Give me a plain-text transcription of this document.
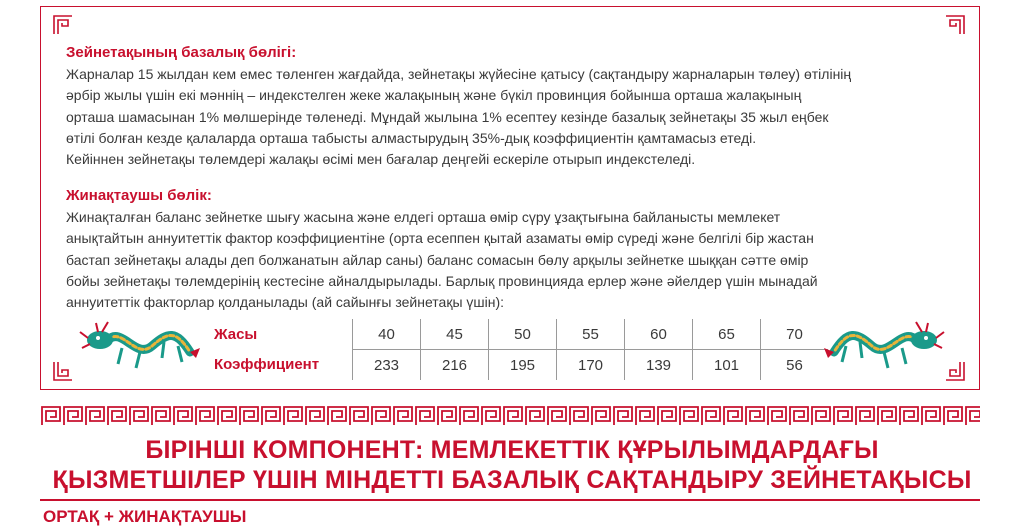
Зейнетақының базалық бөлігі:
Жарналар 15 жылдан кем емес төленген жағдайда, зейнетақы жүйесіне қатысу (сақтандыру жарналарын төлеу) өтілінің
әрбір жылы үшін екі мәннің – индекстелген жеке жалақының және бүкіл провинция бойынша орташа жалақының
орташа шамасынан 1% мөлшерінде төленеді. Мұндай жылына 1% есептеу кезінде базалық зейнетақы 35 жыл еңбек
өтілі болған кезде қалаларда орташа табысты алмастырудың 35%-дық коэффициентін қамтамасыз етеді.
Кейіннен зейнетақы төлемдері жалақы өсімі мен бағалар деңгейі ескеріле отырып индекстеледі.
Жинақтаушы бөлік:
Жинақталған баланс зейнетке шығу жасына және елдегі орташа өмір сүру ұзақтығына байланысты мемлекет
анықтайтын аннуитеттік фактор коэффициентіне (орта есеппен қытай азаматы өмір сүреді және белгілі бір жастан
бастап зейнетақы алады деп болжанатын айлар саны) баланс сомасын бөлу арқылы зейнетке шыққан сәтте өмір
бойы зейнетақы төлемдерінің кестесіне айналдырылады. Барлық провинцияда ерлер және әйелдер үшін мынадай
аннуитеттік факторлар қолданылады (ай сайынғы зейнетақы үшін):
Жасы	40	45	50	55	60	65	70
Коэффициент	233	216	195	170	139	101	56
БІРІНШІ КОМПОНЕНТ: МЕМЛЕКЕТТІК ҚҰРЫЛЫМДАРДАҒЫ
ҚЫЗМЕТШІЛЕР ҮШІН МІНДЕТТІ БАЗАЛЫҚ САҚТАНДЫРУ ЗЕЙНЕТАҚЫСЫ
ОРТАҚ + ЖИНАҚТАУШЫ
